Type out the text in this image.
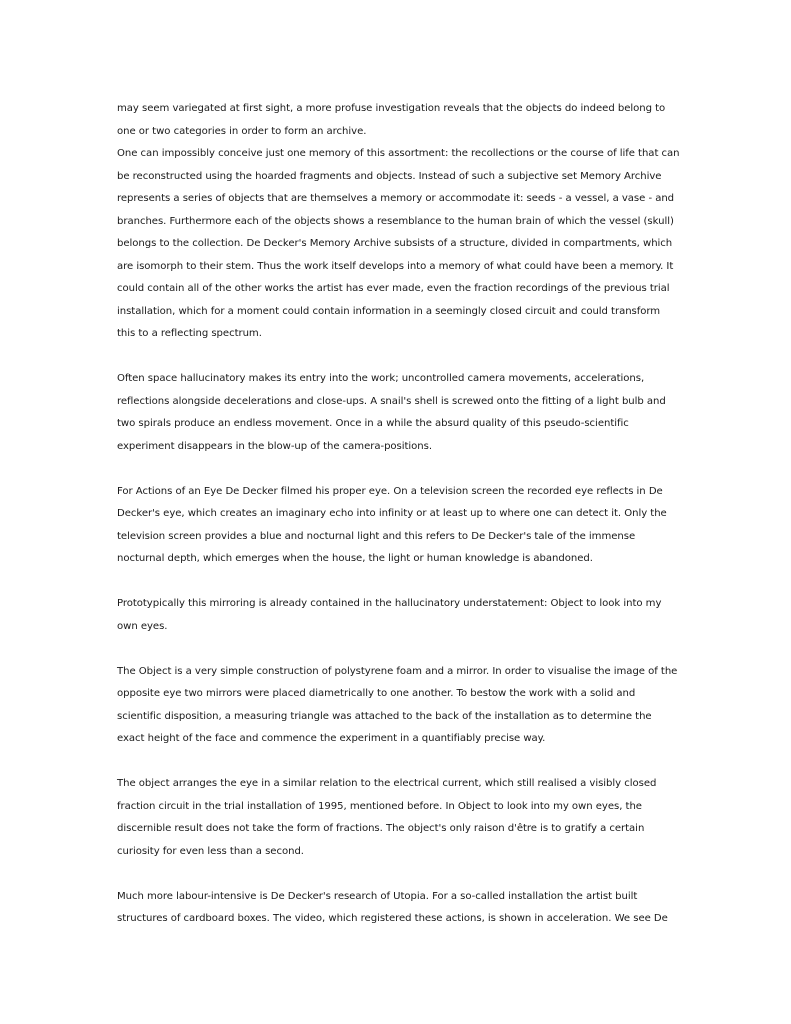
may seem variegated at first sight, a more profuse investigation reveals that the objects do indeed belong to
one or two categories in order to form an archive.

One can impossibly conceive just one memory of this assortment: the recollections or the course of life that can
be reconstructed using the hoarded fragments and objects. Instead of such a subjective set Memory Archive
represents a series of objects that are themselves a memory or accommodate it: seeds - a vessel, a vase - and
branches. Furthermore each of the objects shows a resemblance to the human brain of which the vessel (skull)
belongs to the collection. De Decker's Memory Archive subsists of a structure, divided in compartments, which
are isomorph to their stem. Thus the work itself develops into a memory of what could have been a memory. It
could contain all of the other works the artist has ever made, even the fraction recordings of the previous trial
installation, which for a moment could contain information in a seemingly closed circuit and could transform
this to a reflecting spectrum.

Often space hallucinatory makes its entry into the work; uncontrolled camera movements, accelerations,
reflections alongside decelerations and close-ups. A snail's shell is screwed onto the fitting of a light bulb and
two spirals produce an endless movement. Once in a while the absurd quality of this pseudo-scientific
experiment disappears in the blow-up of the camera-positions.

For Actions of an Eye De Decker filmed his proper eye. On a television screen the recorded eye reflects in De
Decker's eye, which creates an imaginary echo into infinity or at least up to where one can detect it. Only the
television screen provides a blue and nocturnal light and this refers to De Decker's tale of the immense
nocturnal depth, which emerges when the house, the light or human knowledge is abandoned.

Prototypically this mirroring is already contained in the hallucinatory understatement: Object to look into my
own eyes.

The Object is a very simple construction of polystyrene foam and a mirror. In order to visualise the image of the
opposite eye two mirrors were placed diametrically to one another. To bestow the work with a solid and
scientific disposition, a measuring triangle was attached to the back of the installation as to determine the
exact height of the face and commence the experiment in a quantifiably precise way.

The object arranges the eye in a similar relation to the electrical current, which still realised a visibly closed
fraction circuit in the trial installation of 1995, mentioned before. In Object to look into my own eyes, the
discernible result does not take the form of fractions. The object's only raison d'être is to gratify a certain
curiosity for even less than a second.

Much more labour-intensive is De Decker's research of Utopia. For a so-called installation the artist built
structures of cardboard boxes. The video, which registered these actions, is shown in acceleration. We see De
